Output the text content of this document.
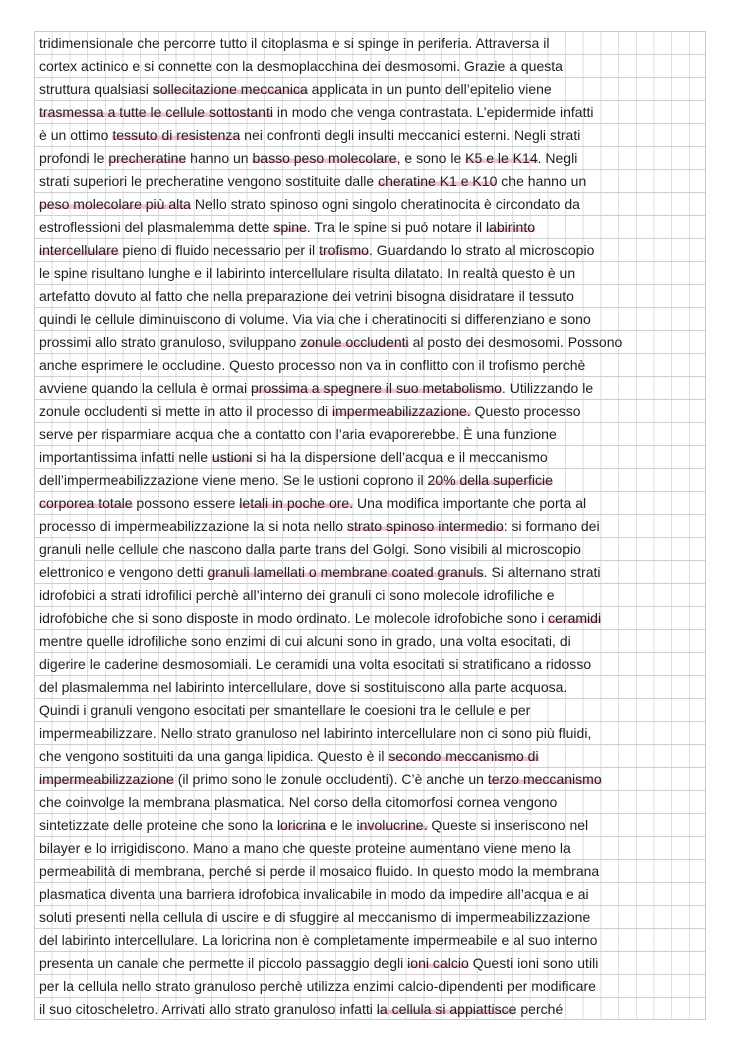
tridimensionale che percorre tutto il citoplasma e si spinge in periferia. Attraversa il
cortex actinico e si connette con la desmoplacchina dei desmosomi. Grazie a questa
struttura qualsiasi sollecitazione meccanica applicata in un punto dell’epitelio viene
trasmessa a tutte le cellule sottostanti in modo che venga contrastata. L’epidermide infatti
è un ottimo tessuto di resistenza nei confronti degli insulti meccanici esterni. Negli strati
profondi le precheratine hanno un basso peso molecolare, e sono le K5 e le K14. Negli
strati superiori le precheratine vengono sostituite dalle cheratine K1 e K10 che hanno un
peso molecolare più alta Nello strato spinoso ogni singolo cheratinocita è circondato da
estroflessioni del plasmalemma dette spine. Tra le spine si puó notare il labirinto
intercellulare pieno di fluido necessario per il trofismo. Guardando lo strato al microscopio
le spine risultano lunghe e il labirinto intercellulare risulta dilatato. In realtà questo è un
artefatto dovuto al fatto che nella preparazione dei vetrini bisogna disidratare il tessuto
quindi le cellule diminuiscono di volume. Via via che i cheratinociti si differenziano e sono
prossimi allo strato granuloso, sviluppano zonule occludenti al posto dei desmosomi. Possono
anche esprimere le occludine. Questo processo non va in conflitto con il trofismo perchè
avviene quando la cellula è ormai prossima a spegnere il suo metabolismo. Utilizzando le
zonule occludenti si mette in atto il processo di impermeabilizzazione. Questo processo
serve per risparmiare acqua che a contatto con l’aria evaporerebbe. È una funzione
importantissima infatti nelle ustioni si ha la dispersione dell’acqua e il meccanismo
dell’impermeabilizzazione viene meno. Se le ustioni coprono il 20% della superficie
corporea totale possono essere letali in poche ore. Una modifica importante che porta al
processo di impermeabilizzazione la si nota nello strato spinoso intermedio: si formano dei
granuli nelle cellule che nascono dalla parte trans del Golgi. Sono visibili al microscopio
elettronico e vengono detti granuli lamellati o membrane coated granuls. Si alternano strati
idrofobici a strati idrofilici perchè all’interno dei granuli ci sono molecole idrofiliche e
idrofobiche che si sono disposte in modo ordinato. Le molecole idrofobiche sono i ceramidi
mentre quelle idrofiliche sono enzimi di cui alcuni sono in grado, una volta esocitati, di
digerire le caderine desmosomiali. Le ceramidi una volta esocitati si stratificano a ridosso
del plasmalemma nel labirinto intercellulare, dove si sostituiscono alla parte acquosa.
Quindi i granuli vengono esocitati per smantellare le coesioni tra le cellule e per
impermeabilizzare. Nello strato granuloso nel labirinto intercellulare non ci sono più fluidi,
che vengono sostituiti da una ganga lipidica. Questo è il secondo meccanismo di
impermeabilizzazione (il primo sono le zonule occludenti). C’è anche un terzo meccanismo
che coinvolge la membrana plasmatica. Nel corso della citomorfosi cornea vengono
sintetizzate delle proteine che sono la loricrina e le involucrine. Queste si inseriscono nel
bilayer e lo irrigidiscono. Mano a mano che queste proteine aumentano viene meno la
permeabilità di membrana, perché si perde il mosaico fluido. In questo modo la membrana
plasmatica diventa una barriera idrofobica invalicabile in modo da impedire all’acqua e ai
soluti presenti nella cellula di uscire e di sfuggire al meccanismo di impermeabilizzazione
del labirinto intercellulare. La loricrina non è completamente impermeabile e al suo interno
presenta un canale che permette il piccolo passaggio degli ioni calcio Questi ioni sono utili
per la cellula nello strato granuloso perchè utilizza enzimi calcio-dipendenti per modificare
il suo citoscheletro. Arrivati allo strato granuloso infatti la cellula si appiattisce perché
